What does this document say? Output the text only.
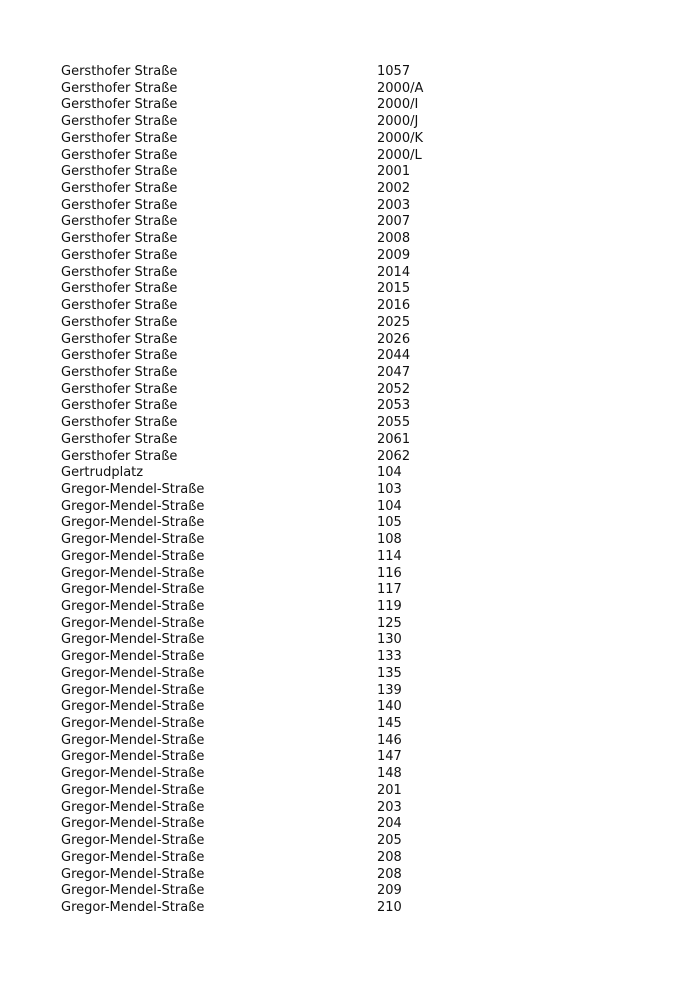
Gersthofer Straße	1057
Gersthofer Straße	2000/A
Gersthofer Straße	2000/I
Gersthofer Straße	2000/J
Gersthofer Straße	2000/K
Gersthofer Straße	2000/L
Gersthofer Straße	2001
Gersthofer Straße	2002
Gersthofer Straße	2003
Gersthofer Straße	2007
Gersthofer Straße	2008
Gersthofer Straße	2009
Gersthofer Straße	2014
Gersthofer Straße	2015
Gersthofer Straße	2016
Gersthofer Straße	2025
Gersthofer Straße	2026
Gersthofer Straße	2044
Gersthofer Straße	2047
Gersthofer Straße	2052
Gersthofer Straße	2053
Gersthofer Straße	2055
Gersthofer Straße	2061
Gersthofer Straße	2062
Gertrudplatz	104
Gregor-Mendel-Straße	103
Gregor-Mendel-Straße	104
Gregor-Mendel-Straße	105
Gregor-Mendel-Straße	108
Gregor-Mendel-Straße	114
Gregor-Mendel-Straße	116
Gregor-Mendel-Straße	117
Gregor-Mendel-Straße	119
Gregor-Mendel-Straße	125
Gregor-Mendel-Straße	130
Gregor-Mendel-Straße	133
Gregor-Mendel-Straße	135
Gregor-Mendel-Straße	139
Gregor-Mendel-Straße	140
Gregor-Mendel-Straße	145
Gregor-Mendel-Straße	146
Gregor-Mendel-Straße	147
Gregor-Mendel-Straße	148
Gregor-Mendel-Straße	201
Gregor-Mendel-Straße	203
Gregor-Mendel-Straße	204
Gregor-Mendel-Straße	205
Gregor-Mendel-Straße	208
Gregor-Mendel-Straße	208
Gregor-Mendel-Straße	209
Gregor-Mendel-Straße	210
